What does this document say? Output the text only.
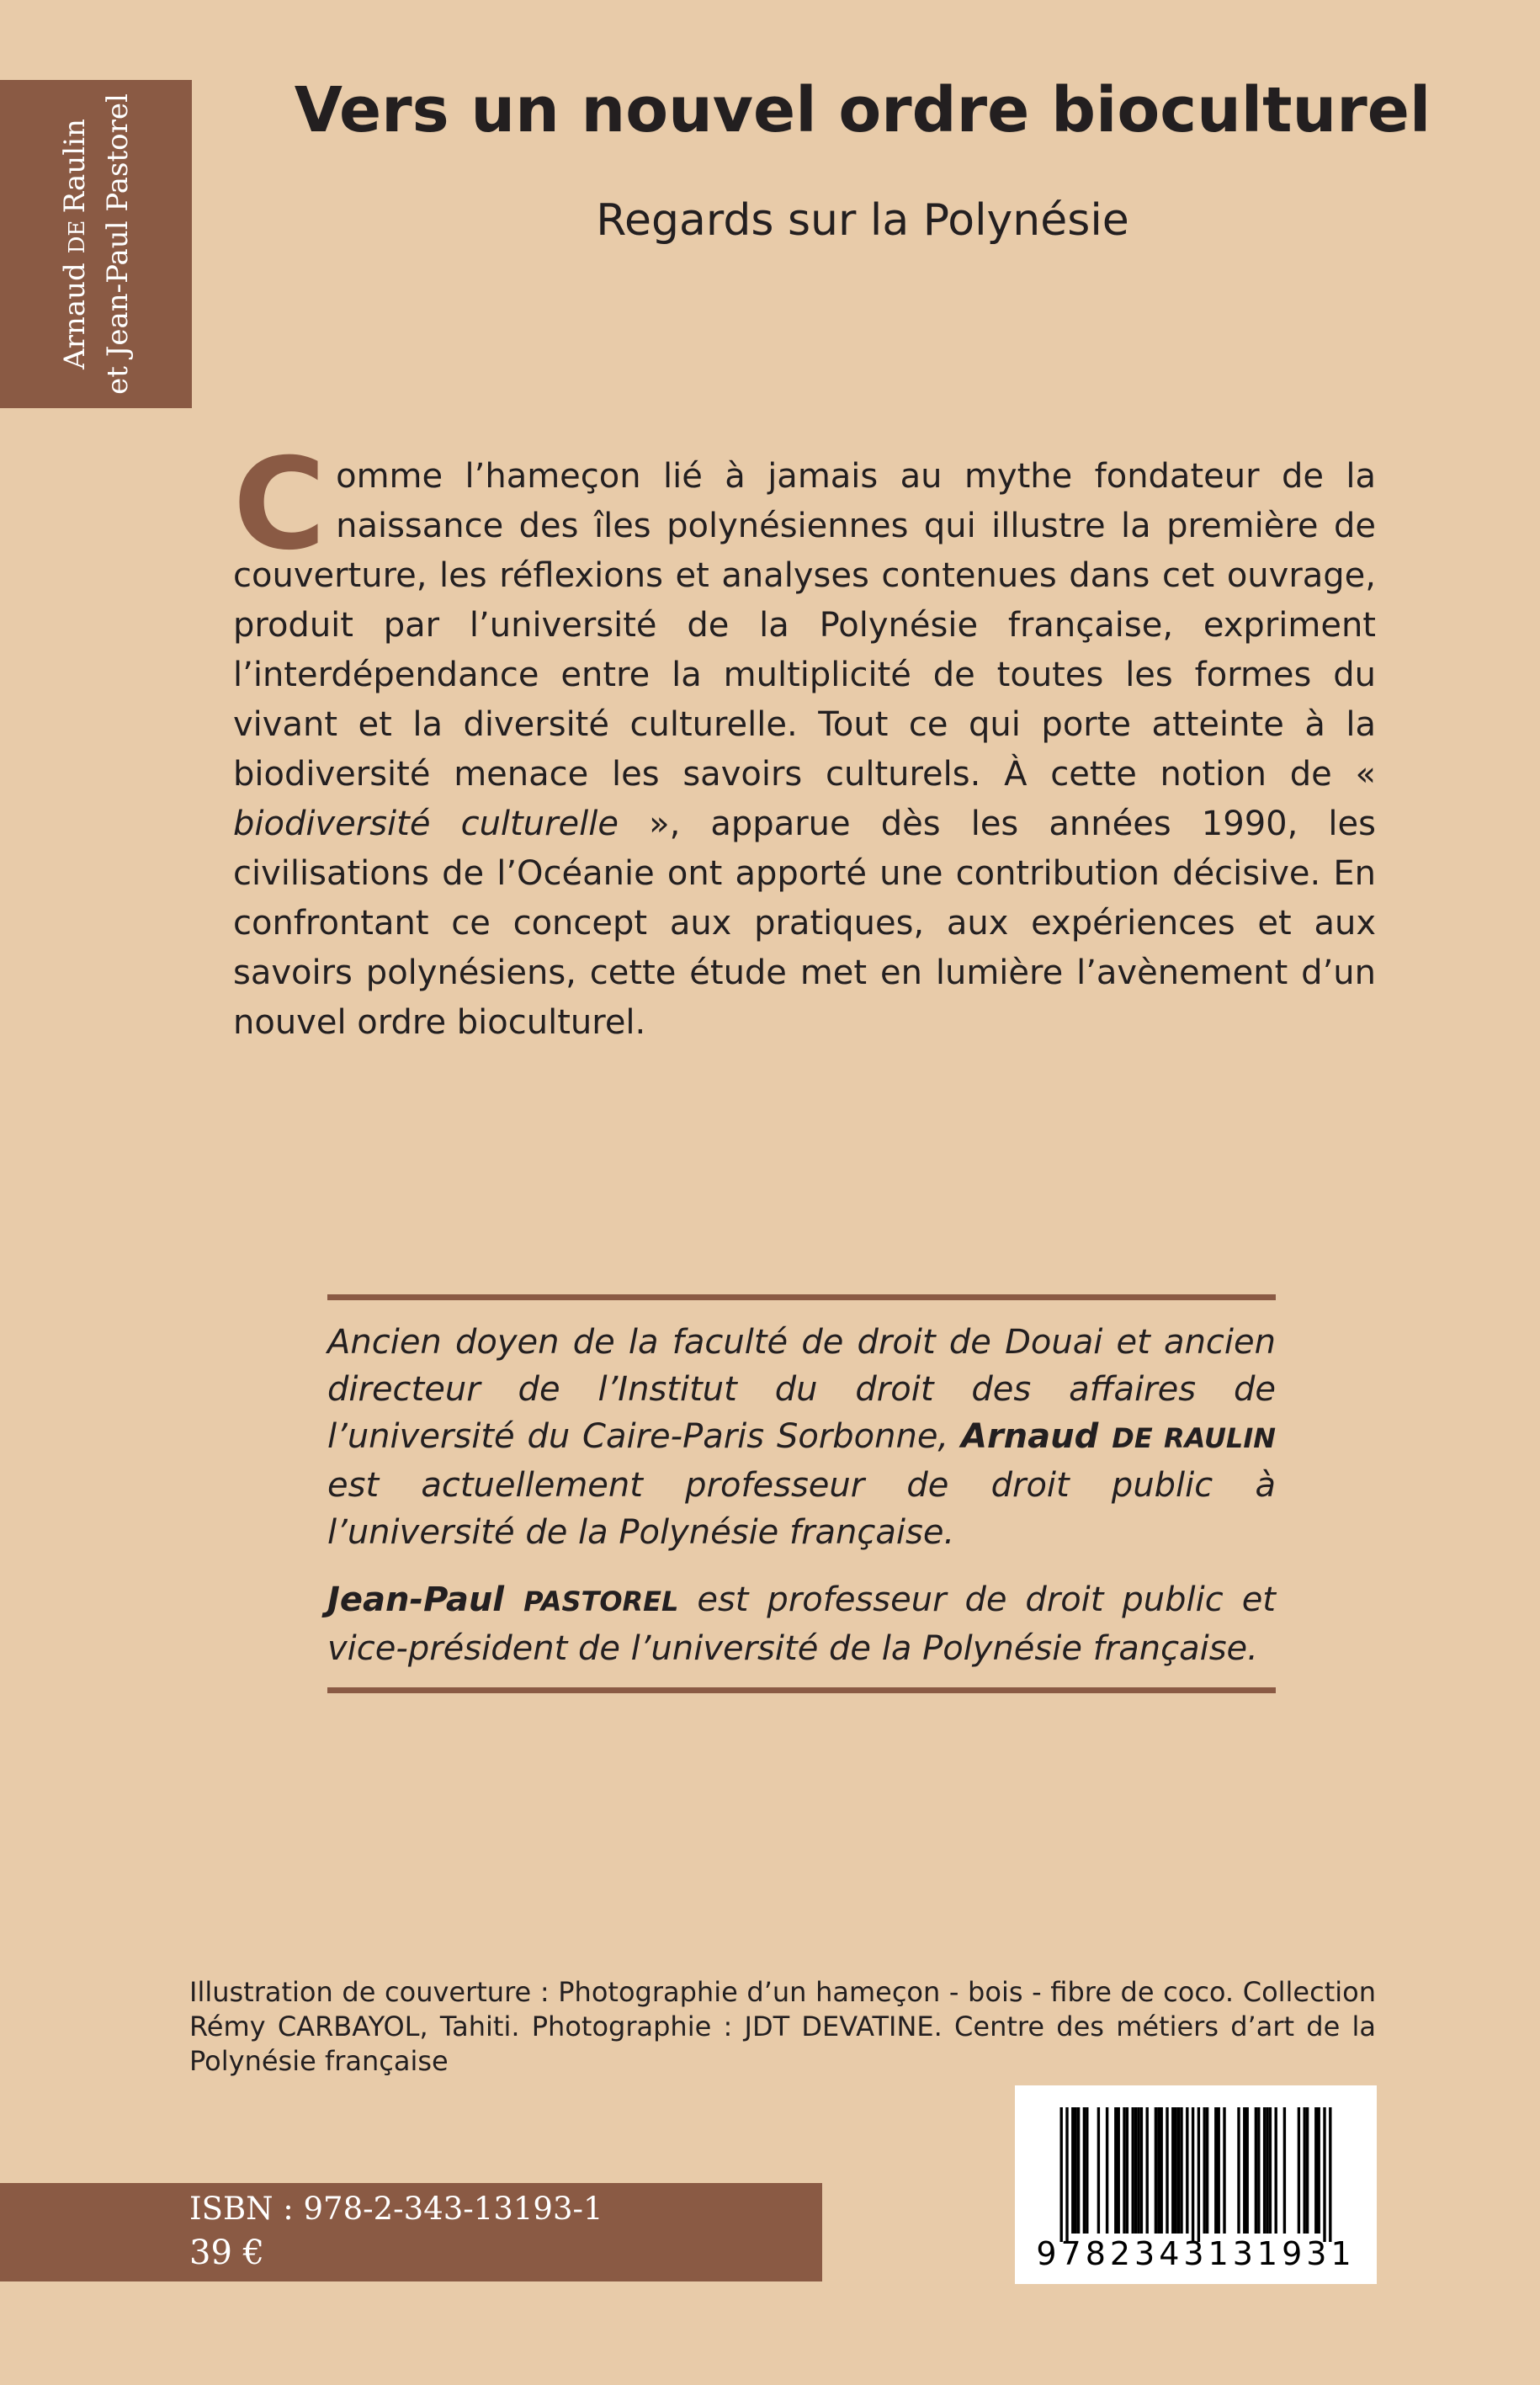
Arnaud DE Raulin
et Jean-Paul Pastorel	Vers un nouvel ordre bioculturel
Regards sur la Polynésie
Comme l’hameçon lié à jamais au mythe fondateur de la naissance des îles polynésiennes qui illustre la première de couverture, les réflexions et analyses contenues dans cet ouvrage, produit par l’université de la Polynésie française, expriment l’interdépendance entre la multiplicité de toutes les formes du vivant et la diversité culturelle. Tout ce qui porte atteinte à la biodiversité menace les savoirs culturels. À cette notion de « biodiversité culturelle », apparue dès les années 1990, les civilisations de l’Océanie ont apporté une contribution décisive. En confrontant ce concept aux pratiques, aux expériences et aux savoirs polynésiens, cette étude met en lumière l’avènement d’un nouvel ordre bioculturel.

Ancien doyen de la faculté de droit de Douai et ancien directeur de l’Institut du droit des affaires de l’université du Caire-Paris Sorbonne, Arnaud DE RAULIN est actuellement professeur de droit public à l’université de la Polynésie française.

Jean-Paul PASTOREL est professeur de droit public et vice-président de l’université de la Polynésie française.

Illustration de couverture : Photographie d’un hameçon - bois - fibre de coco. Collection Rémy CARBAYOL, Tahiti. Photographie : JDT DEVATINE. Centre des métiers d’art de la Polynésie française

ISBN : 978-2-343-13193-1

39 €	9782343131931
